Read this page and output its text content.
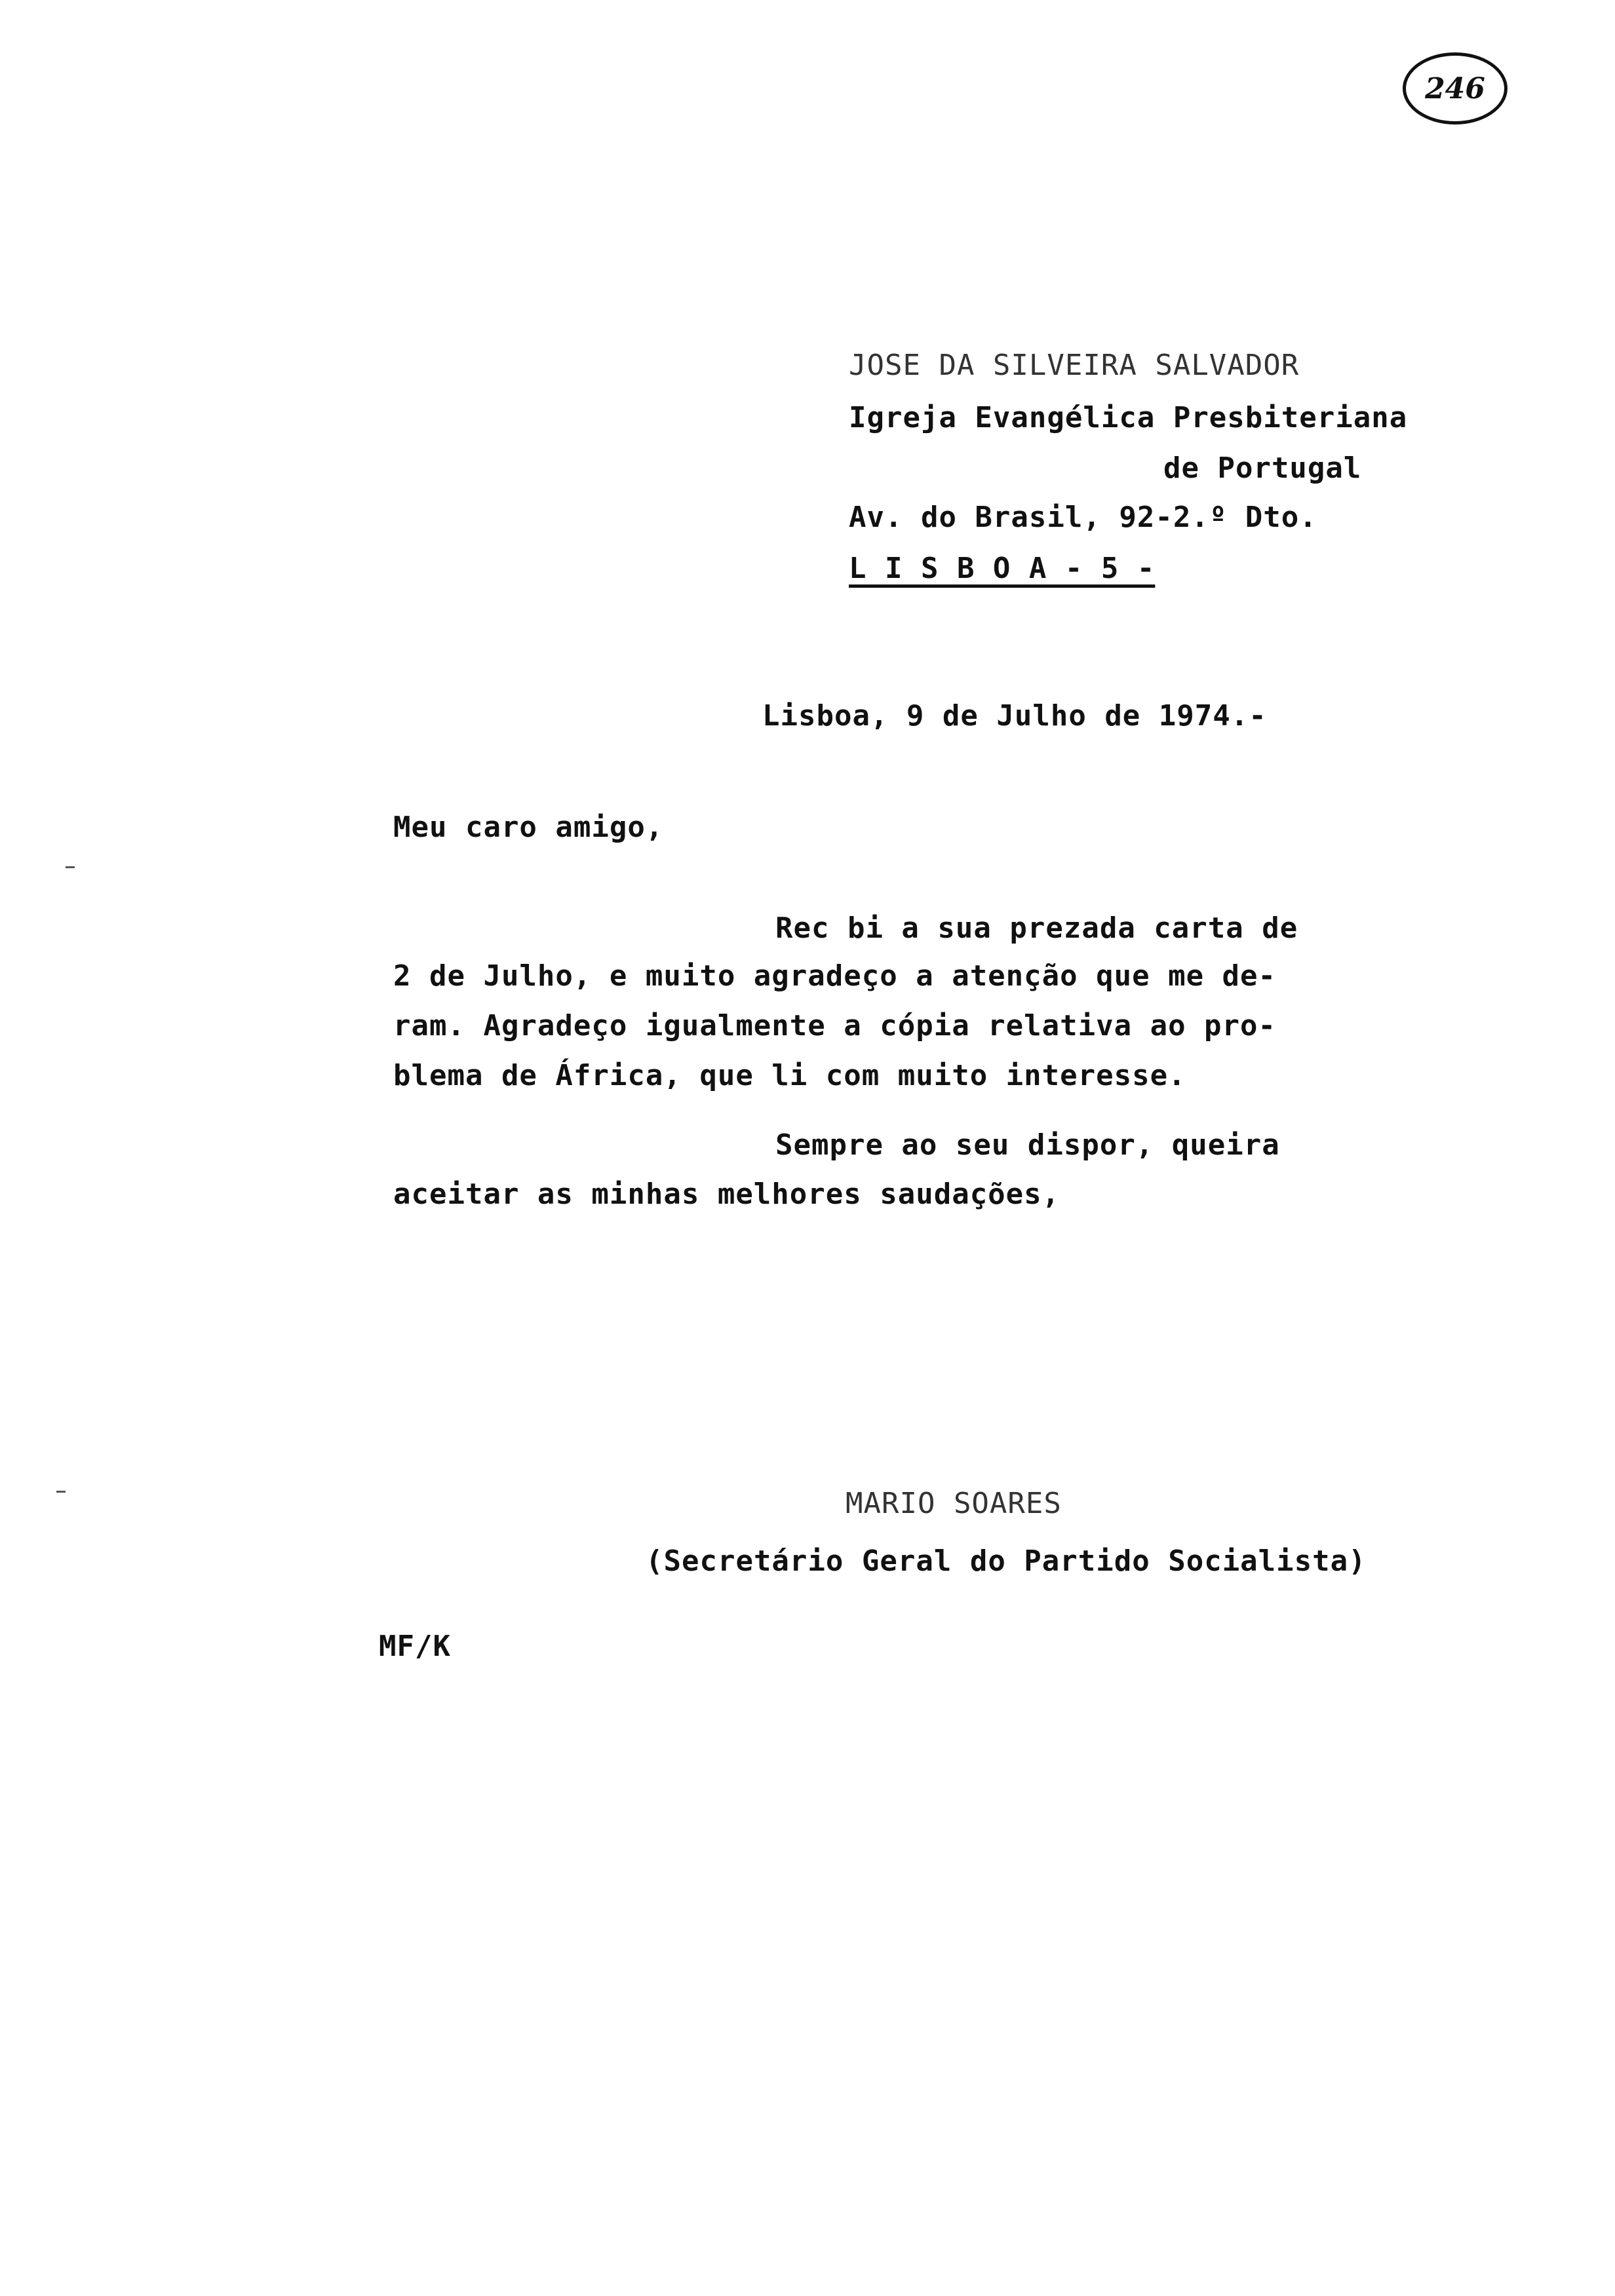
246
JOSE DA SILVEIRA SALVADOR
Igreja Evangélica Presbiteriana
de Portugal
Av. do Brasil, 92-2.º Dto.
L I S B O A - 5 -
Lisboa, 9 de Julho de 1974.-
Meu caro amigo,
Rec bi a sua prezada carta de
2 de Julho, e muito agradeço a atenção que me de-
ram. Agradeço igualmente a cópia relativa ao pro-
blema de África, que li com muito interesse.
Sempre ao seu dispor, queira
aceitar as minhas melhores saudações,
MARIO SOARES
(Secretário Geral do Partido Socialista)
MF/K
